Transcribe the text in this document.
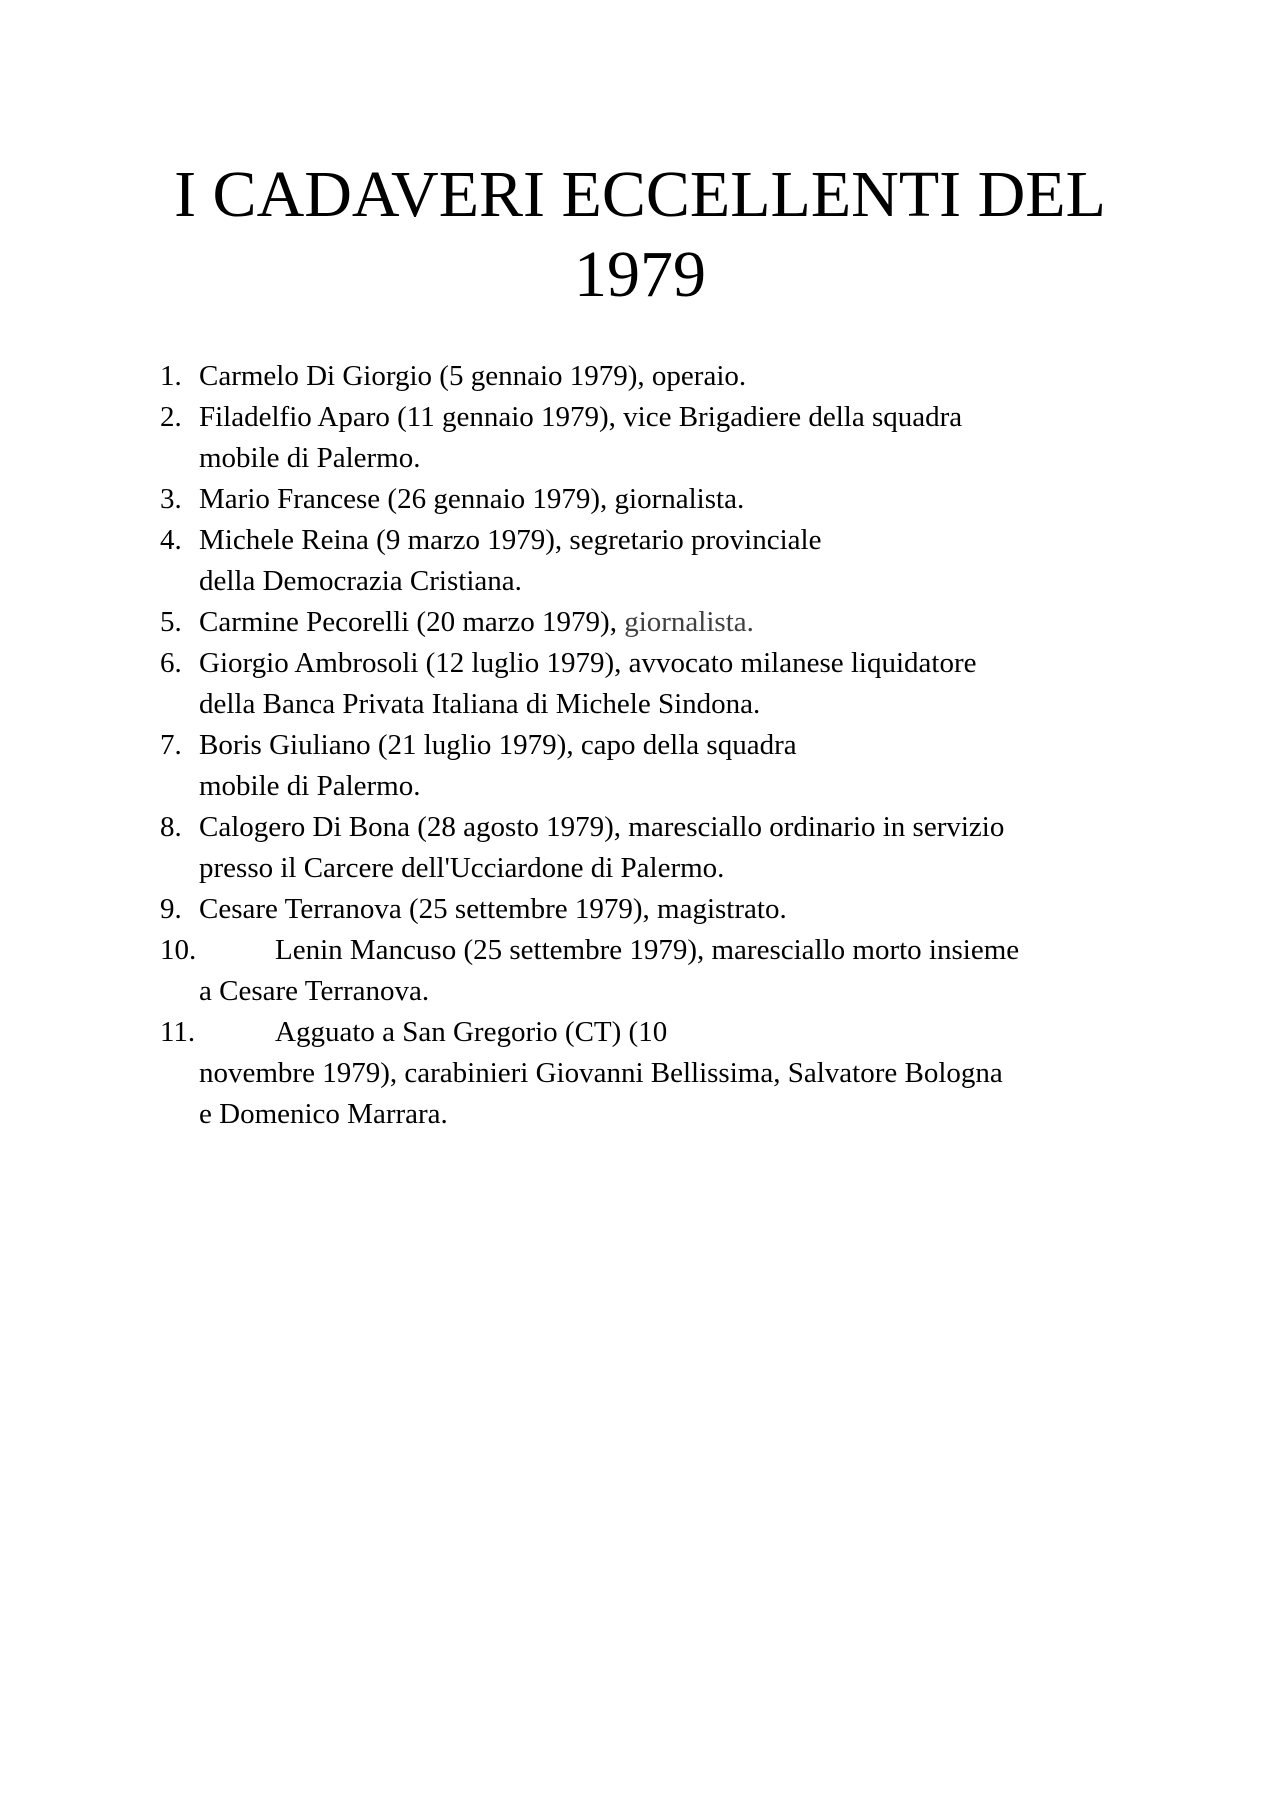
I CADAVERI ECCELLENTI DEL
1979
1. Carmelo Di Giorgio (5 gennaio 1979), operaio.
2. Filadelfio Aparo (11 gennaio 1979), vice Brigadiere della squadra
mobile di Palermo.
3. Mario Francese (26 gennaio 1979), giornalista.
4. Michele Reina (9 marzo 1979), segretario provinciale
della Democrazia Cristiana.
5. Carmine Pecorelli (20 marzo 1979), giornalista.
6. Giorgio Ambrosoli (12 luglio 1979), avvocato milanese liquidatore
della Banca Privata Italiana di Michele Sindona.
7. Boris Giuliano (21 luglio 1979), capo della squadra
mobile di Palermo.
8. Calogero Di Bona (28 agosto 1979), maresciallo ordinario in servizio
presso il Carcere dell'Ucciardone di Palermo.
9. Cesare Terranova (25 settembre 1979), magistrato.
10.	Lenin Mancuso (25 settembre 1979), maresciallo morto insieme
a Cesare Terranova.
11.	Agguato a San Gregorio (CT) (10
novembre 1979), carabinieri Giovanni Bellissima, Salvatore Bologna
e Domenico Marrara.
